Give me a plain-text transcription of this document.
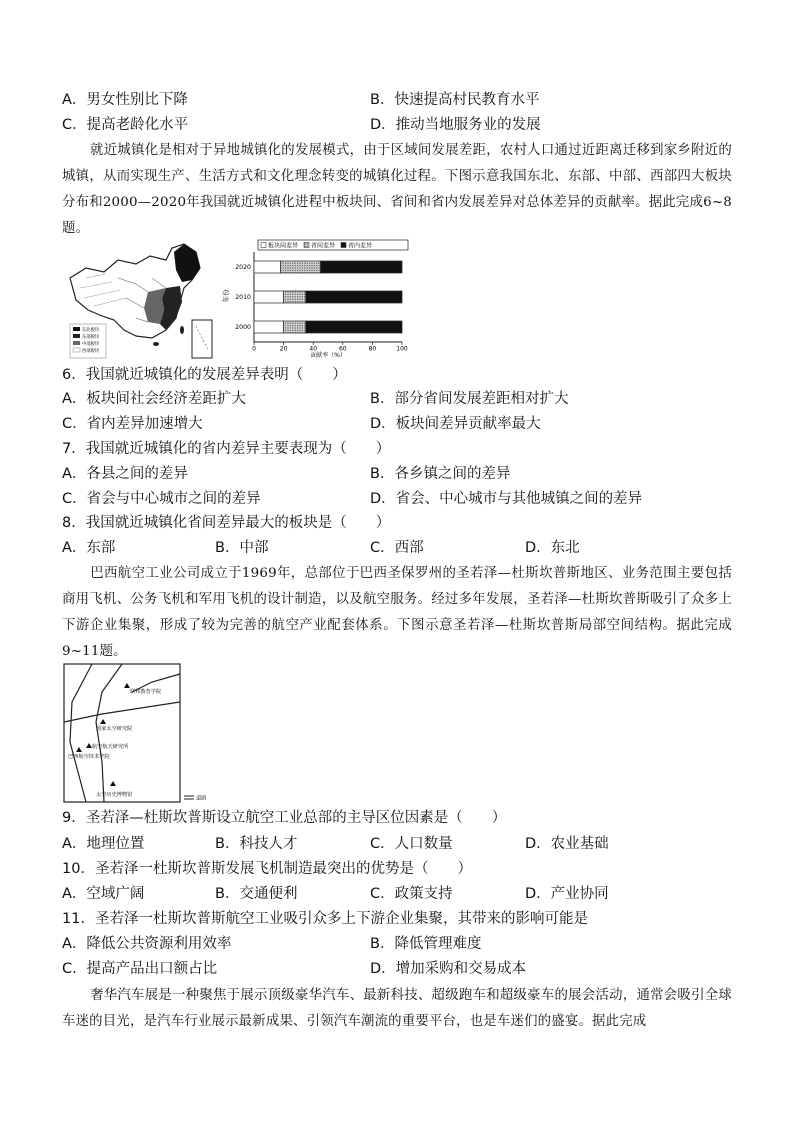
A．男女性别比下降	B．快速提高村民教育水平
C．提高老龄化水平	D．推动当地服务业的发展
就近城镇化是相对于异地城镇化的发展模式，由于区域间发展差距，农村人口通过近距离迁移到家乡附近的城镇，从而实现生产、生活方式和文化理念转变的城镇化过程。下图示意我国东北、东部、中部、西部四大板块分布和2000—2020年我国就近城镇化进程中板块间、省间和省内发展差异对总体差异的贡献率。据此完成6~8题。
东北板块
东部板块
中部板块
西部板块
板块间差异 省间差异 省内差异
年份
2020
2010
2000
0	20	40	60	80	100
贡献率（%）
6．我国就近城镇化的发展差异表明（　　）
A．板块间社会经济差距扩大	B．部分省间发展差距相对扩大
C．省内差异加速增大	D．板块间差异贡献率最大
7．我国就近城镇化的省内差异主要表现为（　　）
A．各县之间的差异	B．各乡镇之间的差异
C．省会与中心城市之间的差异	D．省会、中心城市与其他城镇之间的差异
8．我国就近城镇化省间差异最大的板块是（　　）
A．东部	B．中部	C．西部	D．东北
巴西航空工业公司成立于1969年，总部位于巴西圣保罗州的圣若泽—杜斯坎普斯地区、业务范围主要包括商用飞机、公务飞机和军用飞机的设计制造，以及航空服务。经过多年发展，圣若泽—杜斯坎普斯吸引了众多上下游企业集聚，形成了较为完善的航空产业配套体系。下图示意圣若泽—杜斯坎普斯局部空间结构。据此完成9~11题。
联邦教育学院
国家太空研究院
航空航天研究所
巴西航空技术学院
太空历史博物馆
道路
9．圣若泽—杜斯坎普斯设立航空工业总部的主导区位因素是（　　）
A．地理位置	B．科技人才	C．人口数量	D．农业基础
10．圣若泽一杜斯坎普斯发展飞机制造最突出的优势是（　　）
A．空域广阔	B．交通便利	C．政策支持	D．产业协同
11．圣若泽一杜斯坎普斯航空工业吸引众多上下游企业集聚，其带来的影响可能是
A．降低公共资源利用效率	B．降低管理难度
C．提高产品出口额占比	D．增加采购和交易成本
奢华汽车展是一种聚焦于展示顶级豪华汽车、最新科技、超级跑车和超级豪车的展会活动，通常会吸引全球车迷的目光，是汽车行业展示最新成果、引领汽车潮流的重要平台，也是车迷们的盛宴。据此完成
